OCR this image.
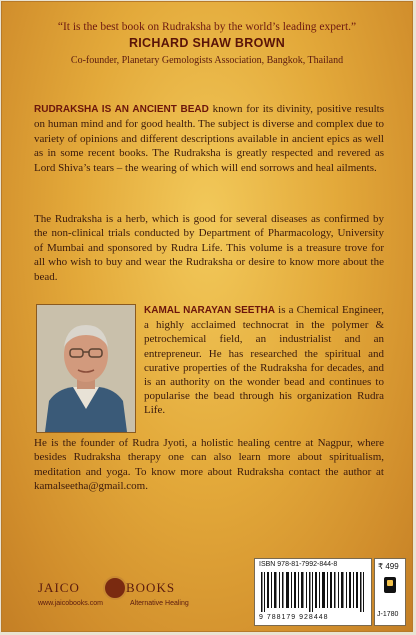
“It is the best book on Rudraksha by the world’s leading expert.”
RICHARD SHAW BROWN
Co-founder, Planetary Gemologists Association, Bangkok, Thailand
RUDRAKSHA IS AN ANCIENT BEAD known for its divinity, positive results on human mind and for good health. The subject is diverse and complex due to variety of opinions and different descriptions available in ancient epics as well as in some recent books. The Rudraksha is greatly respected and revered as Lord Shiva’s tears – the wearing of which will end sorrows and heal ailments.
The Rudraksha is a herb, which is good for several diseases as confirmed by the non-clinical trials conducted by Department of Pharmacology, University of Mumbai and sponsored by Rudra Life. This volume is a treasure trove for all who wish to buy and wear the Rudraksha or desire to know more about the bead.
KAMAL NARAYAN SEETHA is a Chemical Engineer, a highly acclaimed technocrat in the polymer & petrochemical field, an industrialist and an entrepreneur. He has researched the spiritual and curative properties of the Rudraksha for decades, and is an authority on the wonder bead and continues to popularise the bead through his organization Rudra Life.
He is the founder of Rudra Jyoti, a holistic healing centre at Nagpur, where besides Rudraksha therapy one can also learn more about spiritualism, meditation and yoga. To know more about Rudraksha contact the author at kamalseetha@gmail.com.
JAICO	BOOKS
www.jaicobooks.com	Alternative Healing
ISBN 978-81-7992-844-8
9 788179 928448
₹ 499
J-1780
